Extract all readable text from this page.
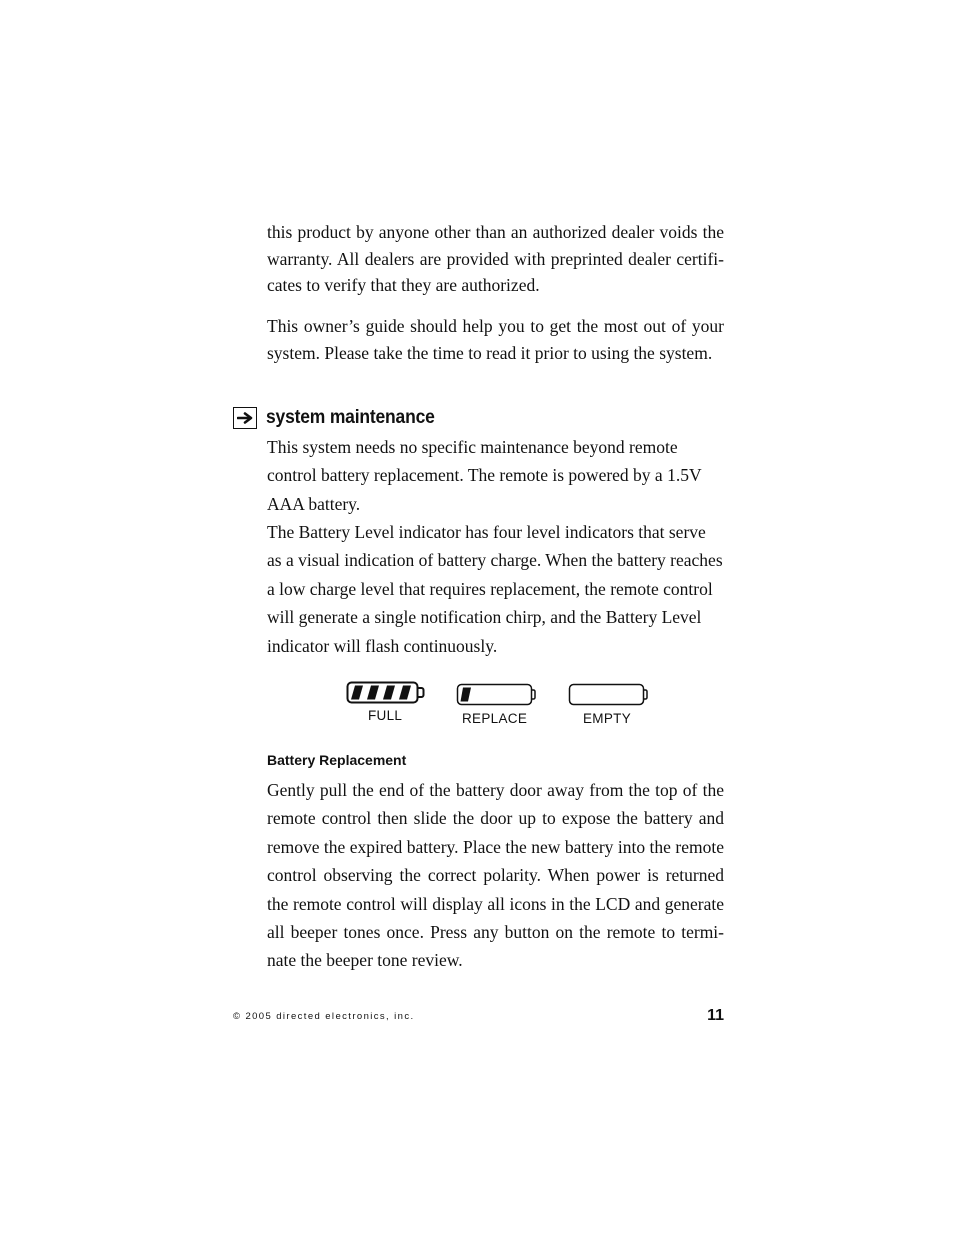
this product by anyone other than an authorized dealer voids the warranty. All dealers are provided with preprinted dealer certifi-cates to verify that they are authorized.

This owner’s guide should help you to get the most out of your system. Please take the time to read it prior to using the system.

system maintenance

This system needs no specific maintenance beyond remote control battery replacement. The remote is powered by a 1.5V AAA battery.

The Battery Level indicator has four level indicators that serve as a visual indication of battery charge. When the battery reaches a low charge level that requires replacement, the remote control will generate a single notification chirp, and the Battery Level indicator will flash continuously.

FULL	REPLACE	EMPTY
Battery Replacement

Gently pull the end of the battery door away from the top of the remote control then slide the door up to expose the battery and remove the expired battery. Place the new battery into the remote control observing the correct polarity. When power is returned the remote control will display all icons in the LCD and generate all beeper tones once. Press any button on the remote to termi-nate the beeper tone review.

© 2005 directed electronics, inc.	11
